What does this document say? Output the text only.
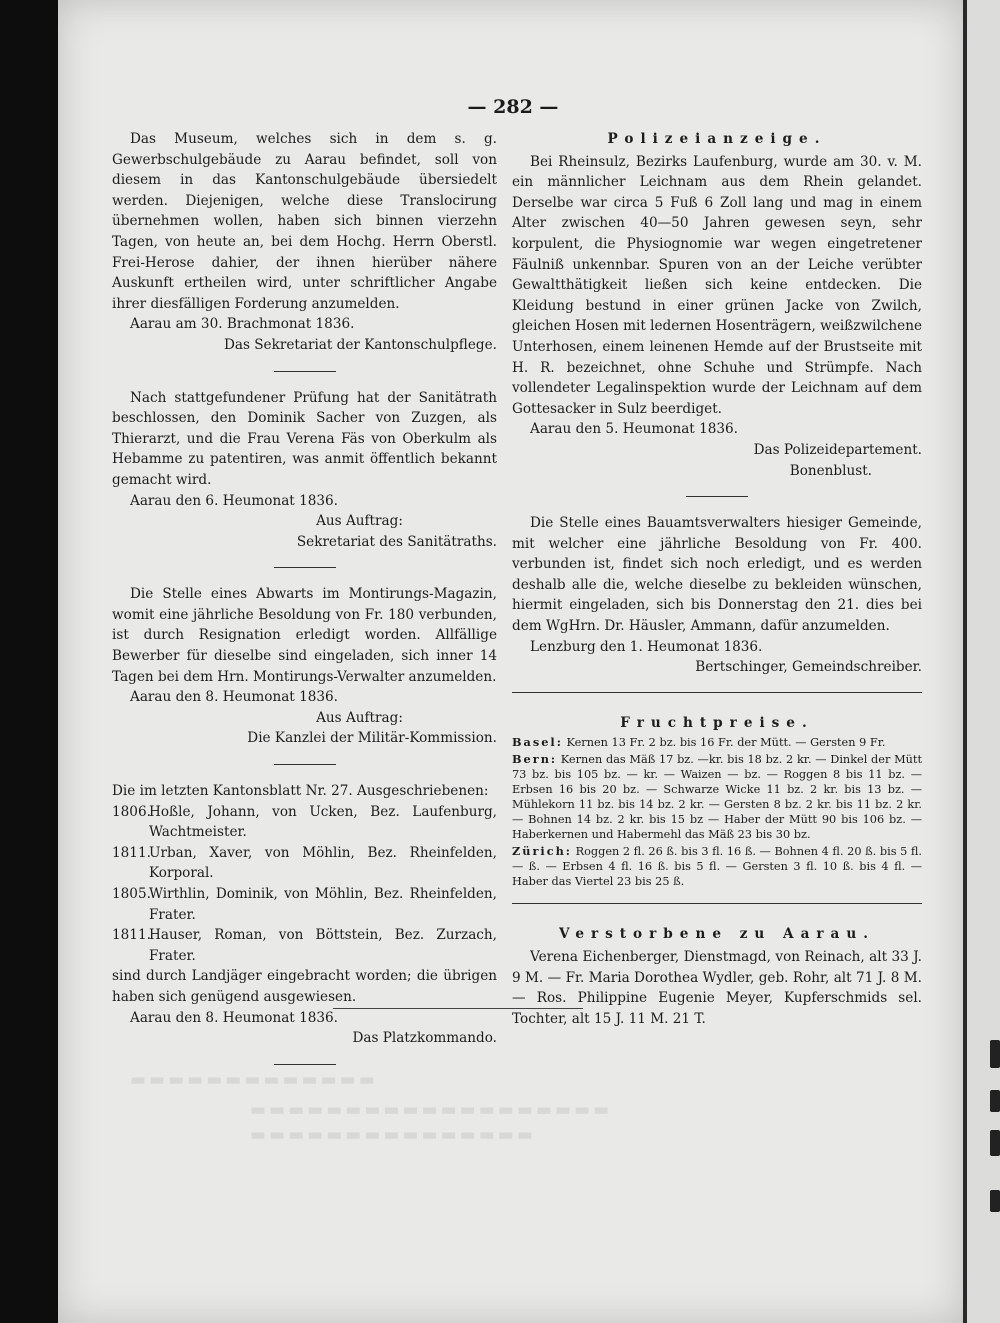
▬▬▬▬▬▬▬▬▬▬▬▬▬
▬▬▬▬▬▬▬▬▬▬▬▬▬▬▬▬▬▬▬
▬▬▬▬▬▬▬▬▬▬▬▬▬▬▬
— 282 —

Das Museum, welches sich in dem s. g. Gewerbschulgebäude zu Aarau befindet, soll von diesem in das Kantonschulgebäude übersiedelt werden. Diejenigen, welche diese Translocirung übernehmen wollen, haben sich binnen vierzehn Tagen, von heute an, bei dem Hochg. Herrn Oberstl. Frei-Herose dahier, der ihnen hierüber nähere Auskunft ertheilen wird, unter schriftlicher Angabe ihrer diesfälligen Forderung anzumelden.

Aarau am 30. Brachmonat 1836.

Das Sekretariat der Kantonschulpflege.

Nach stattgefundener Prüfung hat der Sanitätrath beschlossen, den Dominik Sacher von Zuzgen, als Thierarzt, und die Frau Verena Fäs von Oberkulm als Hebamme zu patentiren, was anmit öffentlich bekannt gemacht wird.

Aarau den 6. Heumonat 1836.

Aus Auftrag:

Sekretariat des Sanitätraths.

Die Stelle eines Abwarts im Montirungs-Magazin, womit eine jährliche Besoldung von Fr. 180 verbunden, ist durch Resignation erledigt worden. Allfällige Bewerber für dieselbe sind eingeladen, sich inner 14 Tagen bei dem Hrn. Montirungs-Verwalter anzumelden.

Aarau den 8. Heumonat 1836.

Aus Auftrag:

Die Kanzlei der Militär-Kommission.

Die im letzten Kantonsblatt Nr. 27. Ausgeschriebenen:

1806.
Hoßle, Johann, von Ucken, Bez. Laufenburg, Wachtmeister.
1811.
Urban, Xaver, von Möhlin, Bez. Rheinfelden, Korporal.
1805.
Wirthlin, Dominik, von Möhlin, Bez. Rheinfelden, Frater.
1811.
Hauser, Roman, von Böttstein, Bez. Zurzach, Frater.

sind durch Landjäger eingebracht worden; die übrigen haben sich genügend ausgewiesen.

Aarau den 8. Heumonat 1836.

Das Platzkommando.

Polizeianzeige.

Bei Rheinsulz, Bezirks Laufenburg, wurde am 30. v. M. ein männlicher Leichnam aus dem Rhein gelandet. Derselbe war circa 5 Fuß 6 Zoll lang und mag in einem Alter zwischen 40—50 Jahren gewesen seyn, sehr korpulent, die Physiognomie war wegen eingetretener Fäulniß unkennbar. Spuren von an der Leiche verübter Gewaltthätigkeit ließen sich keine entdecken. Die Kleidung bestund in einer grünen Jacke von Zwilch, gleichen Hosen mit ledernen Hosenträgern, weißzwilchene Unterhosen, einem leinenen Hemde auf der Brustseite mit H. R. bezeichnet, ohne Schuhe und Strümpfe. Nach vollendeter Legalinspektion wurde der Leichnam auf dem Gottesacker in Sulz beerdiget.

Aarau den 5. Heumonat 1836.

Das Polizeidepartement.

Bonenblust.

Die Stelle eines Bauamtsverwalters hiesiger Gemeinde, mit welcher eine jährliche Besoldung von Fr. 400. verbunden ist, findet sich noch erledigt, und es werden deshalb alle die, welche dieselbe zu bekleiden wünschen, hiermit eingeladen, sich bis Donnerstag den 21. dies bei dem WgHrn. Dr. Häusler, Ammann, dafür anzumelden.

Lenzburg den 1. Heumonat 1836.

Bertschinger, Gemeindschreiber.

Fruchtpreise.

Basel: Kernen 13 Fr. 2 bz. bis 16 Fr. der Mütt. — Gersten 9 Fr.

Bern: Kernen das Mäß 17 bz. —kr. bis 18 bz. 2 kr. — Dinkel der Mütt 73 bz. bis 105 bz. — kr. — Waizen — bz. — Roggen 8 bis 11 bz. — Erbsen 16 bis 20 bz. — Schwarze Wicke 11 bz. 2 kr. bis 13 bz. — Mühlekorn 11 bz. bis 14 bz. 2 kr. — Gersten 8 bz. 2 kr. bis 11 bz. 2 kr. — Bohnen 14 bz. 2 kr. bis 15 bz — Haber der Mütt 90 bis 106 bz. — Haberkernen und Habermehl das Mäß 23 bis 30 bz.

Zürich: Roggen 2 fl. 26 ß. bis 3 fl. 16 ß. — Bohnen 4 fl. 20 ß. bis 5 fl. — ß. — Erbsen 4 fl. 16 ß. bis 5 fl. — Gersten 3 fl. 10 ß. bis 4 fl. — Haber das Viertel 23 bis 25 ß.

Verstorbene zu Aarau.

Verena Eichenberger, Dienstmagd, von Reinach, alt 33 J. 9 M. — Fr. Maria Dorothea Wydler, geb. Rohr, alt 71 J. 8 M. — Ros. Philippine Eugenie Meyer, Kupferschmids sel. Tochter, alt 15 J. 11 M. 21 T.
